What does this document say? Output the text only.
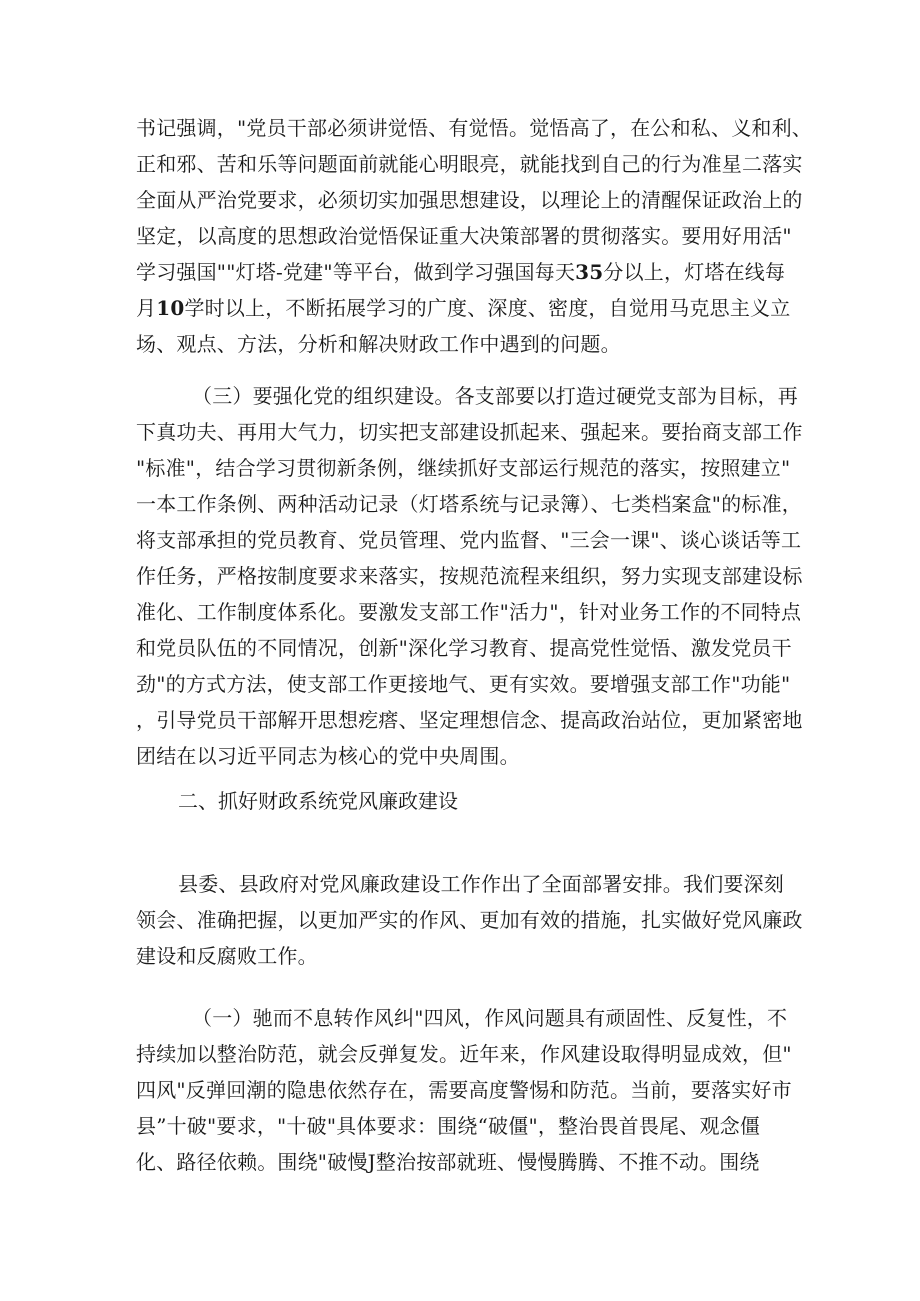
书记强调，"党员干部必须讲觉悟、有觉悟。觉悟高了，在公和私、义和利、
正和邪、苦和乐等问题面前就能心明眼亮，就能找到自己的行为准星二落实
全面从严治党要求，必须切实加强思想建设，以理论上的清醒保证政治上的
坚定，以高度的思想政治觉悟保证重大决策部署的贯彻落实。要用好用活"
学习强国""灯塔-党建"等平台，做到学习强国每天35分以上，灯塔在线每
月10学时以上，不断拓展学习的广度、深度、密度，自觉用马克思主义立
场、观点、方法，分析和解决财政工作中遇到的问题。
（三）要强化党的组织建设。各支部要以打造过硬党支部为目标，再
下真功夫、再用大气力，切实把支部建设抓起来、强起来。要抬商支部工作
"标准"，结合学习贯彻新条例，继续抓好支部运行规范的落实，按照建立"
一本工作条例、两种活动记录（灯塔系统与记录簿）、七类档案盒"的标准，
将支部承担的党员教育、党员管理、党内监督、"三会一课"、谈心谈话等工
作任务，严格按制度要求来落实，按规范流程来组织，努力实现支部建设标
准化、工作制度体系化。要激发支部工作"活力"，针对业务工作的不同特点
和党员队伍的不同情况，创新"深化学习教育、提高党性觉悟、激发党员干
劲"的方式方法，使支部工作更接地气、更有实效。要增强支部工作"功能"
，引导党员干部解开思想疙瘩、坚定理想信念、提高政治站位，更加紧密地
团结在以习近平同志为核心的党中央周围。

二、抓好财政系统党风廉政建设

县委、县政府对党风廉政建设工作作出了全面部署安排。我们要深刻
领会、准确把握，以更加严实的作风、更加有效的措施，扎实做好党风廉政
建设和反腐败工作。
（一）驰而不息转作风纠"四风，作风问题具有顽固性、反复性，不
持续加以整治防范，就会反弹复发。近年来，作风建设取得明显成效，但"
四风"反弹回潮的隐患依然存在，需要高度警惕和防范。当前，要落实好市
县”十破"要求，"十破"具体要求：围绕“破僵"，整治畏首畏尾、观念僵
化、路径依赖。围绕"破慢J整治按部就班、慢慢腾腾、不推不动。围绕
